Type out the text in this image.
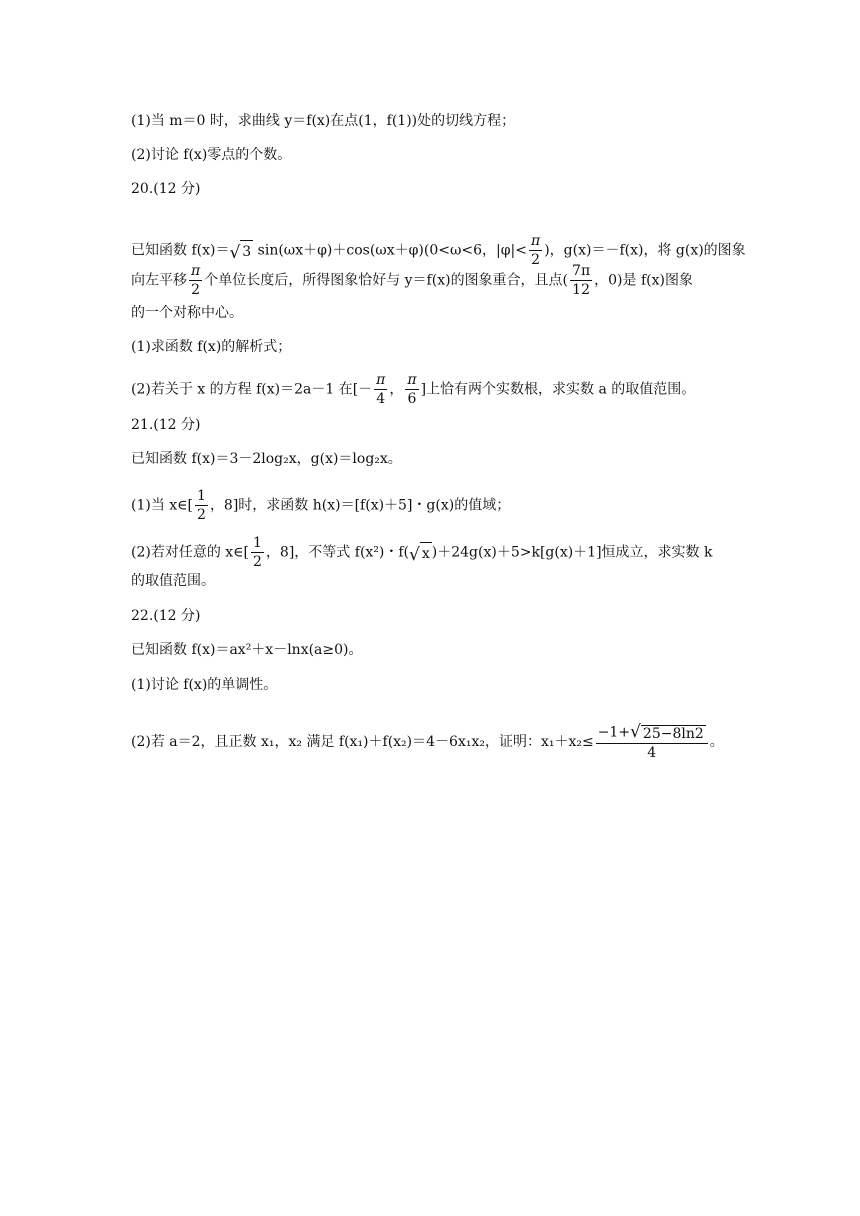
(1)当 m＝0 时，求曲线 y＝f(x)在点(1，f(1))处的切线方程；
(2)讨论 f(x)零点的个数。
20.(12 分)
已知函数 f(x)＝ √ 3 sin(ωx＋φ)＋cos(ωx＋φ)(0<ω<6，$|\varphi|< \frac{\pi}{2}$ )，g(x)＝－f(x)，将 g(x)的图象
向左平移 $\frac{\pi}{2}$ 个单位长度后，所得图象恰好与 y＝f(x)的图象重合，且点( $\frac{7\pi}{12}$ ，0)是 f(x)图象
的一个对称中心。
(1)求函数 f(x)的解析式；
(2)若关于 x 的方程 f(x)＝2a－1 在[－ $\frac{\pi}{4}$ ， $\frac{\pi}{6}$ ]上恰有两个实数根，求实数 a 的取值范围。
21.(12 分)
已知函数 f(x)＝3－2log₂x，g(x)＝log₂x。
(1)当 x∈[ $\frac{1}{2}$ ，8]时，求函数 h(x)＝[f(x)＋5]・g(x)的值域；
(2)若对任意的 x∈[ $\frac{1}{2}$ ，8]，不等式 f(x²)・f( √ x )＋24g(x)＋5>k[g(x)＋1]恒成立，求实数 k
的取值范围。
22.(12 分)
已知函数 f(x)＝ax²＋x－lnx(a≥0)。
(1)讨论 f(x)的单调性。
(2)若 a＝2，且正数 x₁，x₂ 满足 f(x₁)＋f(x₂)＝4－6x₁x₂，证明：$x_1+x_2\le \frac{-1+ √ 25-8\ln 2}{4}$ 。
